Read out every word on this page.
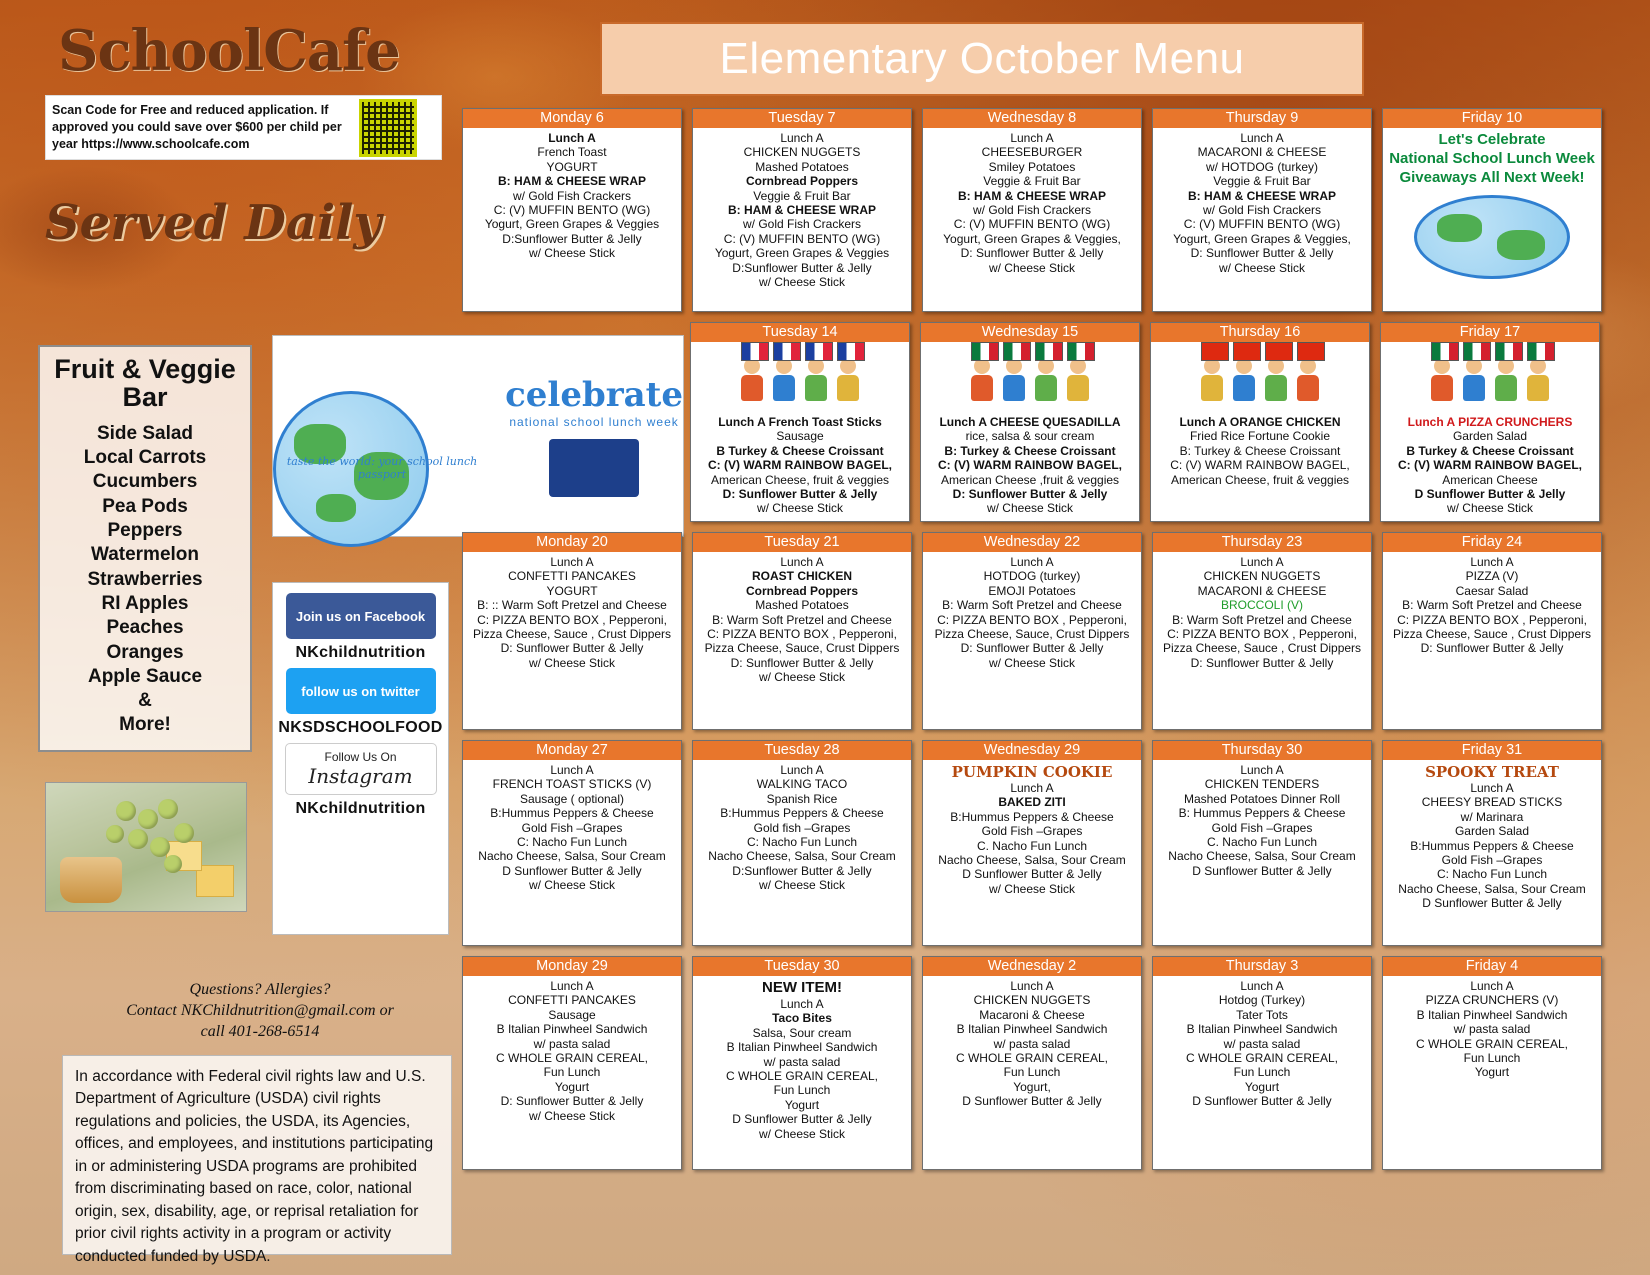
SchoolCafe
Scan Code for Free and reduced application. If approved you could save over $600 per child per year https://www.schoolcafe.com
Served Daily
Elementary October Menu
Fruit & Veggie Bar
Side Salad
Local Carrots
Cucumbers
Pea Pods
Peppers
Watermelon
Strawberries
RI Apples
Peaches
Oranges
Apple Sauce
&
More!
taste the world: your school lunch passport
celebrate
national school lunch week
Join us on Facebook
NKchildnutrition
follow us on twitter
NKSDSCHOOLFOOD
Follow Us On
Instagram
NKchildnutrition
Questions? Allergies?
Contact NKChildnutrition@gmail.com or
call 401-268-6514
In accordance with Federal civil rights law and U.S. Department of Agriculture (USDA) civil rights regulations and policies, the USDA, its Agencies, offices, and employees, and institutions participating in or administering USDA programs are prohibited from discriminating based on race, color, national origin, sex, disability, age, or reprisal retaliation for prior civil rights activity in a program or activity conducted funded by USDA.
Monday 6
Lunch A
French Toast
YOGURT
B: HAM & CHEESE WRAP
w/ Gold Fish Crackers
C: (V) MUFFIN BENTO (WG)
Yogurt, Green Grapes & Veggies
D:Sunflower Butter & Jelly
w/ Cheese Stick
Tuesday 7
Lunch A
CHICKEN NUGGETS
Mashed Potatoes
Cornbread Poppers
Veggie & Fruit Bar
B: HAM & CHEESE WRAP
w/ Gold Fish Crackers
C: (V) MUFFIN BENTO (WG)
Yogurt, Green Grapes & Veggies
D:Sunflower Butter & Jelly
w/ Cheese Stick
Wednesday 8
Lunch A
CHEESEBURGER
Smiley Potatoes
Veggie & Fruit Bar
B: HAM & CHEESE WRAP
w/ Gold Fish Crackers
C: (V) MUFFIN BENTO (WG)
Yogurt, Green Grapes & Veggies,
D: Sunflower Butter & Jelly
w/ Cheese Stick
Thursday 9
Lunch A
MACARONI & CHEESE
w/ HOTDOG (turkey)
Veggie & Fruit Bar
B: HAM & CHEESE WRAP
w/ Gold Fish Crackers
C: (V) MUFFIN BENTO (WG)
Yogurt, Green Grapes & Veggies,
D: Sunflower Butter & Jelly
w/ Cheese Stick
Friday 10
Let's Celebrate
National School Lunch Week
Giveaways All Next Week!
Tuesday 14
Lunch A French Toast Sticks
Sausage
B Turkey & Cheese Croissant
C: (V) WARM RAINBOW BAGEL,
American Cheese, fruit & veggies
D: Sunflower Butter & Jelly
w/ Cheese Stick
Wednesday 15
Lunch A CHEESE QUESADILLA
rice, salsa & sour cream
B: Turkey & Cheese Croissant
C: (V) WARM RAINBOW BAGEL,
American Cheese ,fruit & veggies
D: Sunflower Butter & Jelly
w/ Cheese Stick
Thursday 16
Lunch A ORANGE CHICKEN
Fried Rice Fortune Cookie
B: Turkey & Cheese Croissant
C: (V) WARM RAINBOW BAGEL,
American Cheese, fruit & veggies
Friday 17
Lunch A PIZZA CRUNCHERS
Garden Salad
B Turkey & Cheese Croissant
C: (V) WARM RAINBOW BAGEL,
American Cheese
D Sunflower Butter & Jelly
w/ Cheese Stick
Monday 20
Lunch A
CONFETTI PANCAKES
YOGURT
B: :: Warm Soft Pretzel and Cheese
C: PIZZA BENTO BOX , Pepperoni,
Pizza Cheese, Sauce , Crust Dippers
D: Sunflower Butter & Jelly
w/ Cheese Stick
Tuesday 21
Lunch A
ROAST CHICKEN
Cornbread Poppers
Mashed Potatoes
B: Warm Soft Pretzel and Cheese
C: PIZZA BENTO BOX , Pepperoni,
Pizza Cheese, Sauce, Crust Dippers
D: Sunflower Butter & Jelly
w/ Cheese Stick
Wednesday 22
Lunch A
HOTDOG (turkey)
EMOJI Potatoes
B: Warm Soft Pretzel and Cheese
C: PIZZA BENTO BOX , Pepperoni,
Pizza Cheese, Sauce, Crust Dippers
D: Sunflower Butter & Jelly
w/ Cheese Stick
Thursday 23
Lunch A
CHICKEN NUGGETS
MACARONI & CHEESE
BROCCOLI (V)
B: Warm Soft Pretzel and Cheese
C: PIZZA BENTO BOX , Pepperoni,
Pizza Cheese, Sauce , Crust Dippers
D: Sunflower Butter & Jelly
Friday 24
Lunch A
PIZZA (V)
Caesar Salad
B: Warm Soft Pretzel and Cheese
C: PIZZA BENTO BOX , Pepperoni,
Pizza Cheese, Sauce , Crust Dippers
D: Sunflower Butter & Jelly
Monday 27
Lunch A
FRENCH TOAST STICKS (V)
Sausage ( optional)
B:Hummus Peppers & Cheese
Gold Fish –Grapes
C: Nacho Fun Lunch
Nacho Cheese, Salsa, Sour Cream
D Sunflower Butter & Jelly
w/ Cheese Stick
Tuesday 28
Lunch A
WALKING TACO
Spanish Rice
B:Hummus Peppers & Cheese
Gold fish –Grapes
C: Nacho Fun Lunch
Nacho Cheese, Salsa, Sour Cream
D:Sunflower Butter & Jelly
w/ Cheese Stick
Wednesday 29
PUMPKIN COOKIE
Lunch A
BAKED ZITI
B:Hummus Peppers & Cheese
Gold Fish –Grapes
C. Nacho Fun Lunch
Nacho Cheese, Salsa, Sour Cream
D Sunflower Butter & Jelly
w/ Cheese Stick
Thursday 30
Lunch A
CHICKEN TENDERS
Mashed Potatoes Dinner Roll
B: Hummus Peppers & Cheese
Gold Fish –Grapes
C. Nacho Fun Lunch
Nacho Cheese, Salsa, Sour Cream
D Sunflower Butter & Jelly
Friday 31
SPOOKY TREAT
Lunch A
CHEESY BREAD STICKS
w/ Marinara
Garden Salad
B:Hummus Peppers & Cheese
Gold Fish –Grapes
C: Nacho Fun Lunch
Nacho Cheese, Salsa, Sour Cream
D Sunflower Butter & Jelly
Monday 29
Lunch A
CONFETTI PANCAKES
Sausage
B Italian Pinwheel Sandwich
w/ pasta salad
C WHOLE GRAIN CEREAL,
Fun Lunch
Yogurt
D: Sunflower Butter & Jelly
w/ Cheese Stick
Tuesday 30
NEW ITEM!
Lunch A
Taco Bites
Salsa, Sour cream
B Italian Pinwheel Sandwich
w/ pasta salad
C WHOLE GRAIN CEREAL,
Fun Lunch
Yogurt
D Sunflower Butter & Jelly
w/ Cheese Stick
Wednesday 2
Lunch A
CHICKEN NUGGETS
Macaroni & Cheese
B Italian Pinwheel Sandwich
w/ pasta salad
C WHOLE GRAIN CEREAL,
Fun Lunch
Yogurt,
D Sunflower Butter & Jelly
Thursday 3
Lunch A
Hotdog (Turkey)
Tater Tots
B Italian Pinwheel Sandwich
w/ pasta salad
C WHOLE GRAIN CEREAL,
Fun Lunch
Yogurt
D Sunflower Butter & Jelly
Friday 4
Lunch A
PIZZA CRUNCHERS (V)
B Italian Pinwheel Sandwich
w/ pasta salad
C WHOLE GRAIN CEREAL,
Fun Lunch
Yogurt
